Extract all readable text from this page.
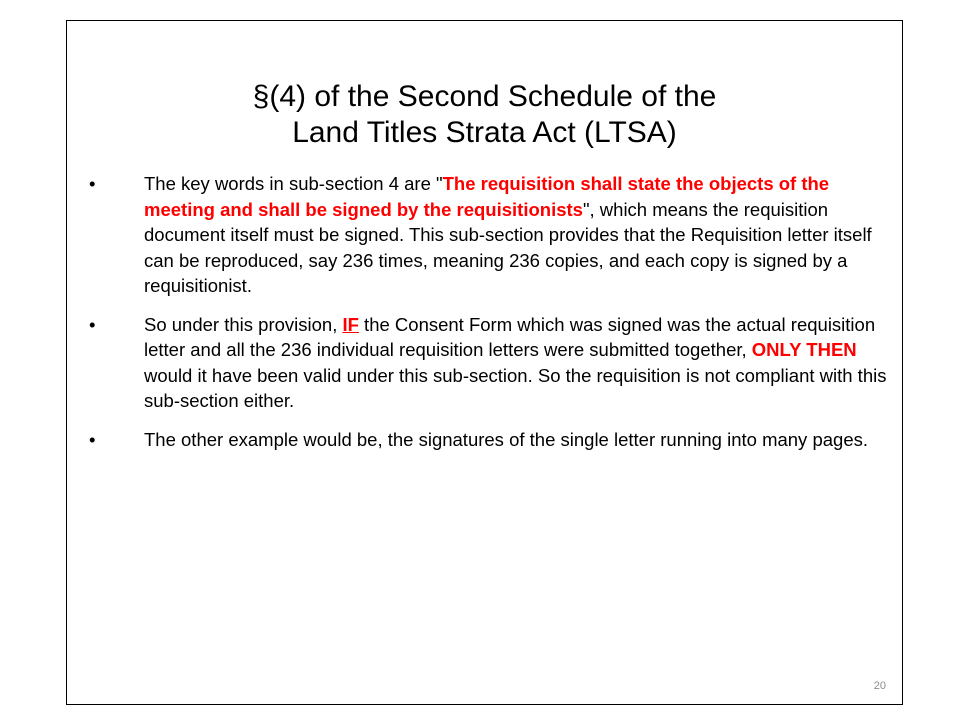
§(4) of the Second Schedule of the
Land Titles Strata Act (LTSA)
•	The key words in sub-section 4 are "The requisition shall state the objects of the meeting and shall be signed by the requisitionists", which means the requisition document itself must be signed. This sub-section provides that the Requisition letter itself can be reproduced, say 236 times, meaning 236 copies, and each copy is signed by a requisitionist.
•	So under this provision, IF the Consent Form which was signed was the actual requisition letter and all the 236 individual requisition letters were submitted together, ONLY THEN would it have been valid under this sub-section. So the requisition is not compliant with this sub-section either.
•	The other example would be, the signatures of the single letter running into many pages.
20
